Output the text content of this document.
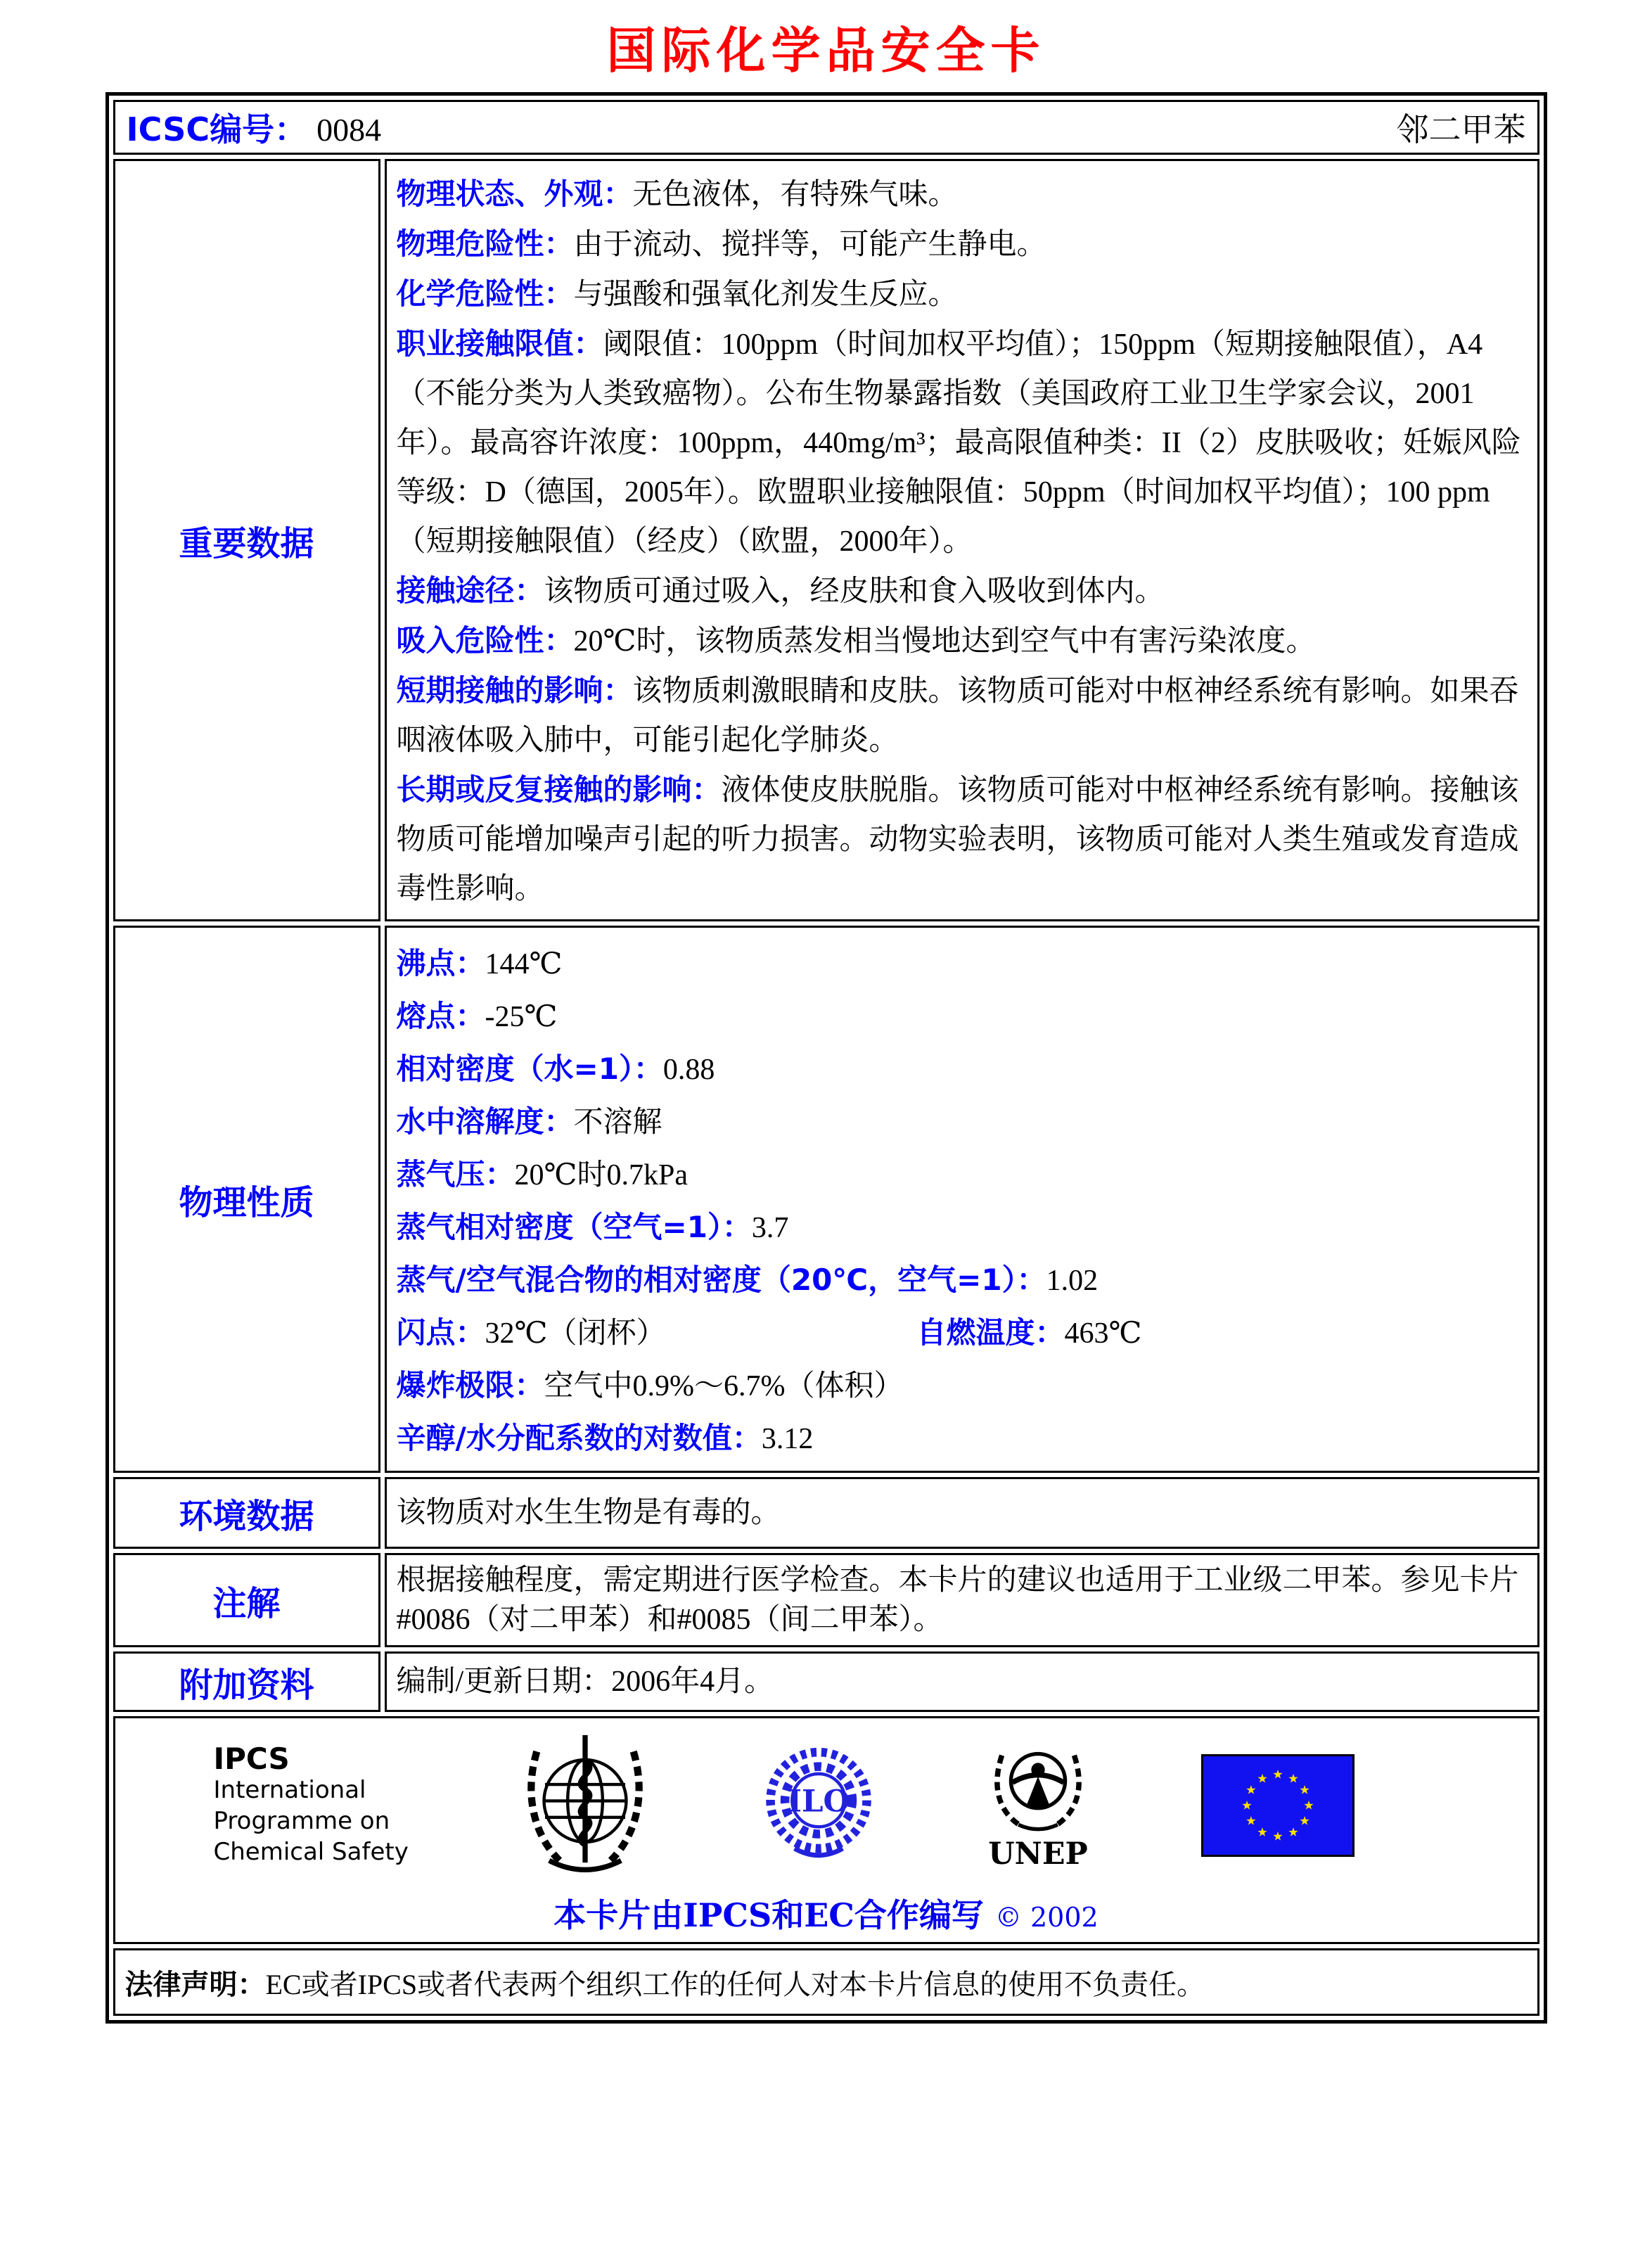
国际化学品安全卡
ICSC编号： 0084 邻二甲苯	

重要数据	
物理状态、外观：无色液体，有特殊气味。
物理危险性：由于流动、搅拌等，可能产生静电。
化学危险性：与强酸和强氧化剂发生反应。
职业接触限值：阈限值：100ppm（时间加权平均值）；150ppm（短期接触限值），A4（不能分类为人类致癌物）。公布生物暴露指数（美国政府工业卫生学家会议，2001年）。最高容许浓度：100ppm，440mg/m³；最高限值种类：II（2）皮肤吸收；妊娠风险等级：D（德国，2005年）。欧盟职业接触限值：50ppm（时间加权平均值）；100 ppm（短期接触限值）（经皮）（欧盟，2000年）。
接触途径：该物质可通过吸入，经皮肤和食入吸收到体内。
吸入危险性：20℃时，该物质蒸发相当慢地达到空气中有害污染浓度。
短期接触的影响：该物质刺激眼睛和皮肤。该物质可能对中枢神经系统有影响。如果吞咽液体吸入肺中，可能引起化学肺炎。
长期或反复接触的影响：液体使皮肤脱脂。该物质可能对中枢神经系统有影响。接触该物质可能增加噪声引起的听力损害。动物实验表明，该物质可能对人类生殖或发育造成毒性影响。

物理性质	
沸点：144℃
熔点：-25℃
相对密度（水=1）：0.88
水中溶解度：不溶解
蒸气压：20℃时0.7kPa
蒸气相对密度（空气=1）：3.7
蒸气/空气混合物的相对密度（20℃，空气=1）：1.02
闪点：32℃（闭杯）	自燃温度：463℃
爆炸极限：空气中0.9%～6.7%（体积）
辛醇/水分配系数的对数值：3.12

环境数据	该物质对水生生物是有毒的。
注解	根据接触程度，需定期进行医学检查。本卡片的建议也适用于工业级二甲苯。参见卡片#0086（对二甲苯）和#0085（间二甲苯）。
附加资料	编制/更新日期：2006年4月。

IPCS
International
Programme on
Chemical Safety
ILO
UNEP
本卡片由IPCS和EC合作编写 © 2002

法律声明：EC或者IPCS或者代表两个组织工作的任何人对本卡片信息的使用不负责任。	
